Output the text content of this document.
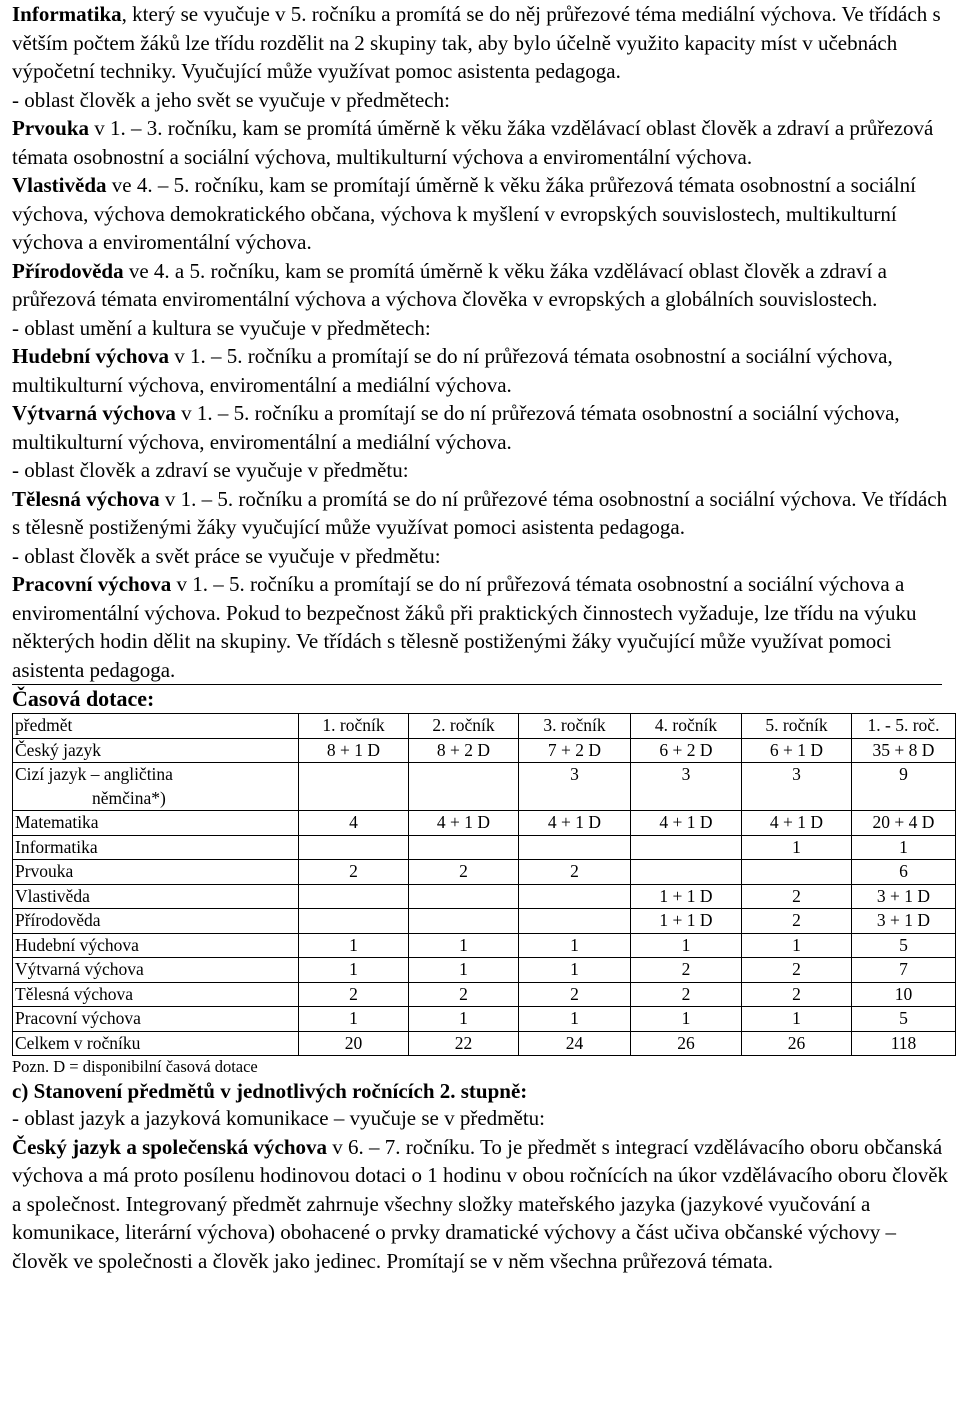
Informatika, který se vyučuje v 5. ročníku a promítá se do něj průřezové téma mediální výchova. Ve třídách s větším počtem žáků lze třídu rozdělit na 2 skupiny tak, aby bylo účelně využito kapacity míst v učebnách výpočetní techniky. Vyučující může využívat pomoc asistenta pedagoga.

- oblast člověk a jeho svět se vyučuje v předmětech:

Prvouka v 1. – 3. ročníku, kam se promítá úměrně k věku žáka vzdělávací oblast člověk a zdraví a průřezová témata osobnostní a sociální výchova, multikulturní výchova a enviromentální výchova.

Vlastivěda ve 4. – 5. ročníku, kam se promítají úměrně k věku žáka průřezová témata osobnostní a sociální výchova, výchova demokratického občana, výchova k myšlení v evropských souvislostech, multikulturní výchova a enviromentální výchova.

Přírodověda ve 4. a 5. ročníku, kam se promítá úměrně k věku žáka vzdělávací oblast člověk a zdraví a průřezová témata enviromentální výchova a výchova člověka v evropských a globálních souvislostech.

- oblast umění a kultura se vyučuje v předmětech:

Hudební výchova v 1. – 5. ročníku a promítají se do ní průřezová témata osobnostní a sociální výchova, multikulturní výchova, enviromentální a mediální výchova.

Výtvarná výchova v 1. – 5. ročníku a promítají se do ní průřezová témata osobnostní a sociální výchova, multikulturní výchova, enviromentální a mediální výchova.

- oblast člověk a zdraví se vyučuje v předmětu:

Tělesná výchova v 1. – 5. ročníku a promítá se do ní průřezové téma osobnostní a sociální výchova. Ve třídách s tělesně postiženými žáky vyučující může využívat pomoci asistenta pedagoga.

- oblast člověk a svět práce se vyučuje v předmětu:

Pracovní výchova v 1. – 5. ročníku a promítají se do ní průřezová témata osobnostní a sociální výchova a enviromentální výchova. Pokud to bezpečnost žáků při praktických činnostech vyžaduje, lze třídu na výuku některých hodin dělit na skupiny. Ve třídách s tělesně postiženými žáky vyučující může využívat pomoci asistenta pedagoga.

Časová dotace:

předmět	1. ročník	2. ročník	3. ročník	4. ročník	5. ročník	1. - 5. roč.
Český jazyk	8 + 1 D	8 + 2 D	7 + 2 D	6 + 2 D	6 + 1 D	35 + 8 D
Cizí jazyk – angličtina
němčina*)			3	3	3	9
Matematika	4	4 + 1 D	4 + 1 D	4 + 1 D	4 + 1 D	20 + 4 D
Informatika					1	1
Prvouka	2	2	2			6
Vlastivěda				1 + 1 D	2	3 + 1 D
Přírodověda				1 + 1 D	2	3 + 1 D
Hudební výchova	1	1	1	1	1	5
Výtvarná výchova	1	1	1	2	2	7
Tělesná výchova	2	2	2	2	2	10
Pracovní výchova	1	1	1	1	1	5
Celkem v ročníku	20	22	24	26	26	118

Pozn. D = disponibilní časová dotace

c) Stanovení předmětů v jednotlivých ročnících 2. stupně:

- oblast jazyk a jazyková komunikace – vyučuje se v předmětu:

Český jazyk a společenská výchova v 6. – 7. ročníku. To je předmět s integrací vzdělávacího oboru občanská výchova a má proto posílenu hodinovou dotaci o 1 hodinu v obou ročnících na úkor vzdělávacího oboru člověk a společnost. Integrovaný předmět zahrnuje všechny složky mateřského jazyka (jazykové vyučování a komunikace, literární výchova) obohacené o prvky dramatické výchovy a část učiva občanské výchovy – člověk ve společnosti a člověk jako jedinec. Promítají se v něm všechna průřezová témata.
